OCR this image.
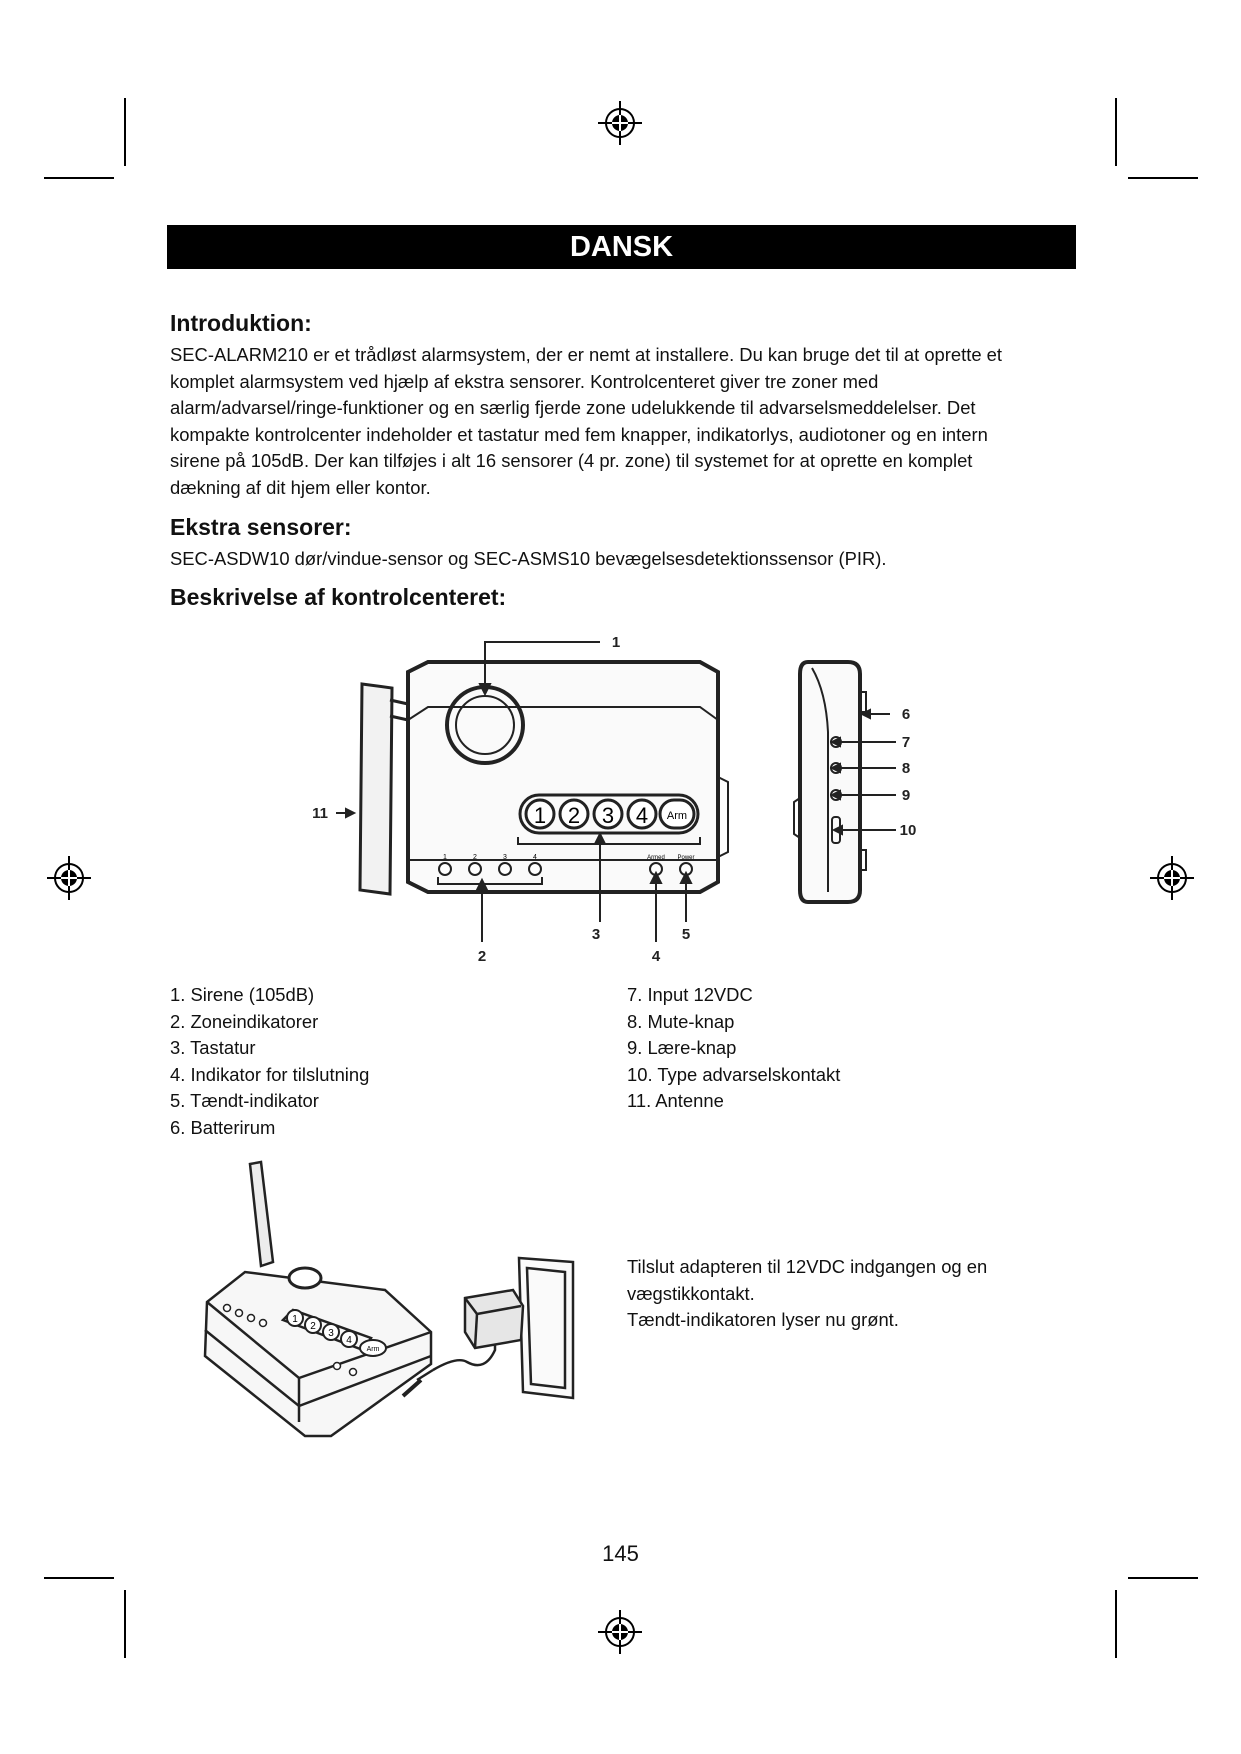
DANSK
Introduktion:
SEC-ALARM210 er et trådløst alarmsystem, der er nemt at installere. Du kan bruge det til at oprette et
komplet alarmsystem ved hjælp af ekstra sensorer. Kontrolcenteret giver tre zoner med
alarm/advarsel/ringe-funktioner og en særlig fjerde zone udelukkende til advarselsmeddelelser. Det
kompakte kontrolcenter indeholder et tastatur med fem knapper, indikatorlys, audiotoner og en intern
sirene på 105dB. Der kan tilføjes i alt 16 sensorer (4 pr. zone) til systemet for at oprette en komplet
dækning af dit hjem eller kontor.
Ekstra sensorer:
SEC-ASDW10 dør/vindue-sensor og SEC-ASMS10 bevægelsesdetektionssensor (PIR).
Beskrivelse af kontrolcenteret:
1 2 3 4 Arm
1	2	3	4	Armed Power
1
2
3
4
5
6
7
8
9
10
11
1. Sirene (105dB)
2. Zoneindikatorer
3. Tastatur
4. Indikator for tilslutning
5. Tændt-indikator
6. Batterirum
7. Input 12VDC
8. Mute-knap
9. Lære-knap
10. Type advarselskontakt
11. Antenne
1
2
3
4
Arm
Tilslut adapteren til 12VDC indgangen og en
vægstikkontakt.
Tændt-indikatoren lyser nu grønt.
145
